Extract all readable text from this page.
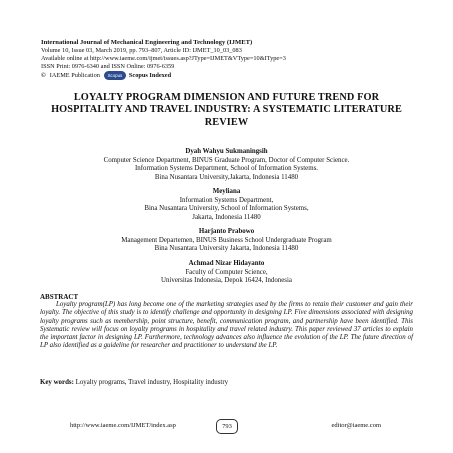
International Journal of Mechanical Engineering and Technology (IJMET)
Volume 10, Issue 03, March 2019, pp. 793–807, Article ID: IJMET_10_03_083
Available online at http://www.iaeme.com/ijmet/issues.asp?JType=IJMET&VType=10&IType=3
ISSN Print: 0976-6340 and ISSN Online: 0976-6359
© IAEME Publication	Scopus	Scopus Indexed
LOYALTY PROGRAM DIMENSION AND FUTURE TREND FOR HOSPITALITY AND TRAVEL INDUSTRY: A SYSTEMATIC LITERATURE REVIEW
Dyah Wahyu Sukmaningsih
Computer Science Department, BINUS Graduate Program, Doctor of Computer Science.
Information Systems Department, School of Information Systems.
Bina Nusantara University,Jakarta, Indonesia 11480
Meyliana
Information Systems Department,
Bina Nusantara University, School of Information Systems,
Jakarta, Indonesia 11480
Harjanto Prabowo
Management Departemen, BINUS Business School Undergraduate Program
Bina Nusantara University Jakarta, Indonesia 11480
Achmad Nizar Hidayanto
Faculty of Computer Science,
Universitas Indonesia, Depok 16424, Indonesia
ABSTRACT
Loyalty program(LP) has long become one of the marketing strategies used by the firms to retain their customer and gain their loyalty. The objective of this study is to identify challenge and opportunity in designing LP. Five dimensions associated with designing loyalty programs such as membership, point structure, benefit, communication program, and partnership have been identified. This Systematic review will focus on loyalty programs in hospitality and travel related industry. This paper reviewed 37 articles to explain the important factor in designing LP. Furthermore, technology advances also influence the evolution of the LP. The future direction of LP also identified as a guideline for researcher and practitioner to understand the LP.
Key words: Loyalty programs, Travel industry, Hospitality industry
http://www.iaeme.com/IJMET/index.asp	793	editor@iaeme.com
